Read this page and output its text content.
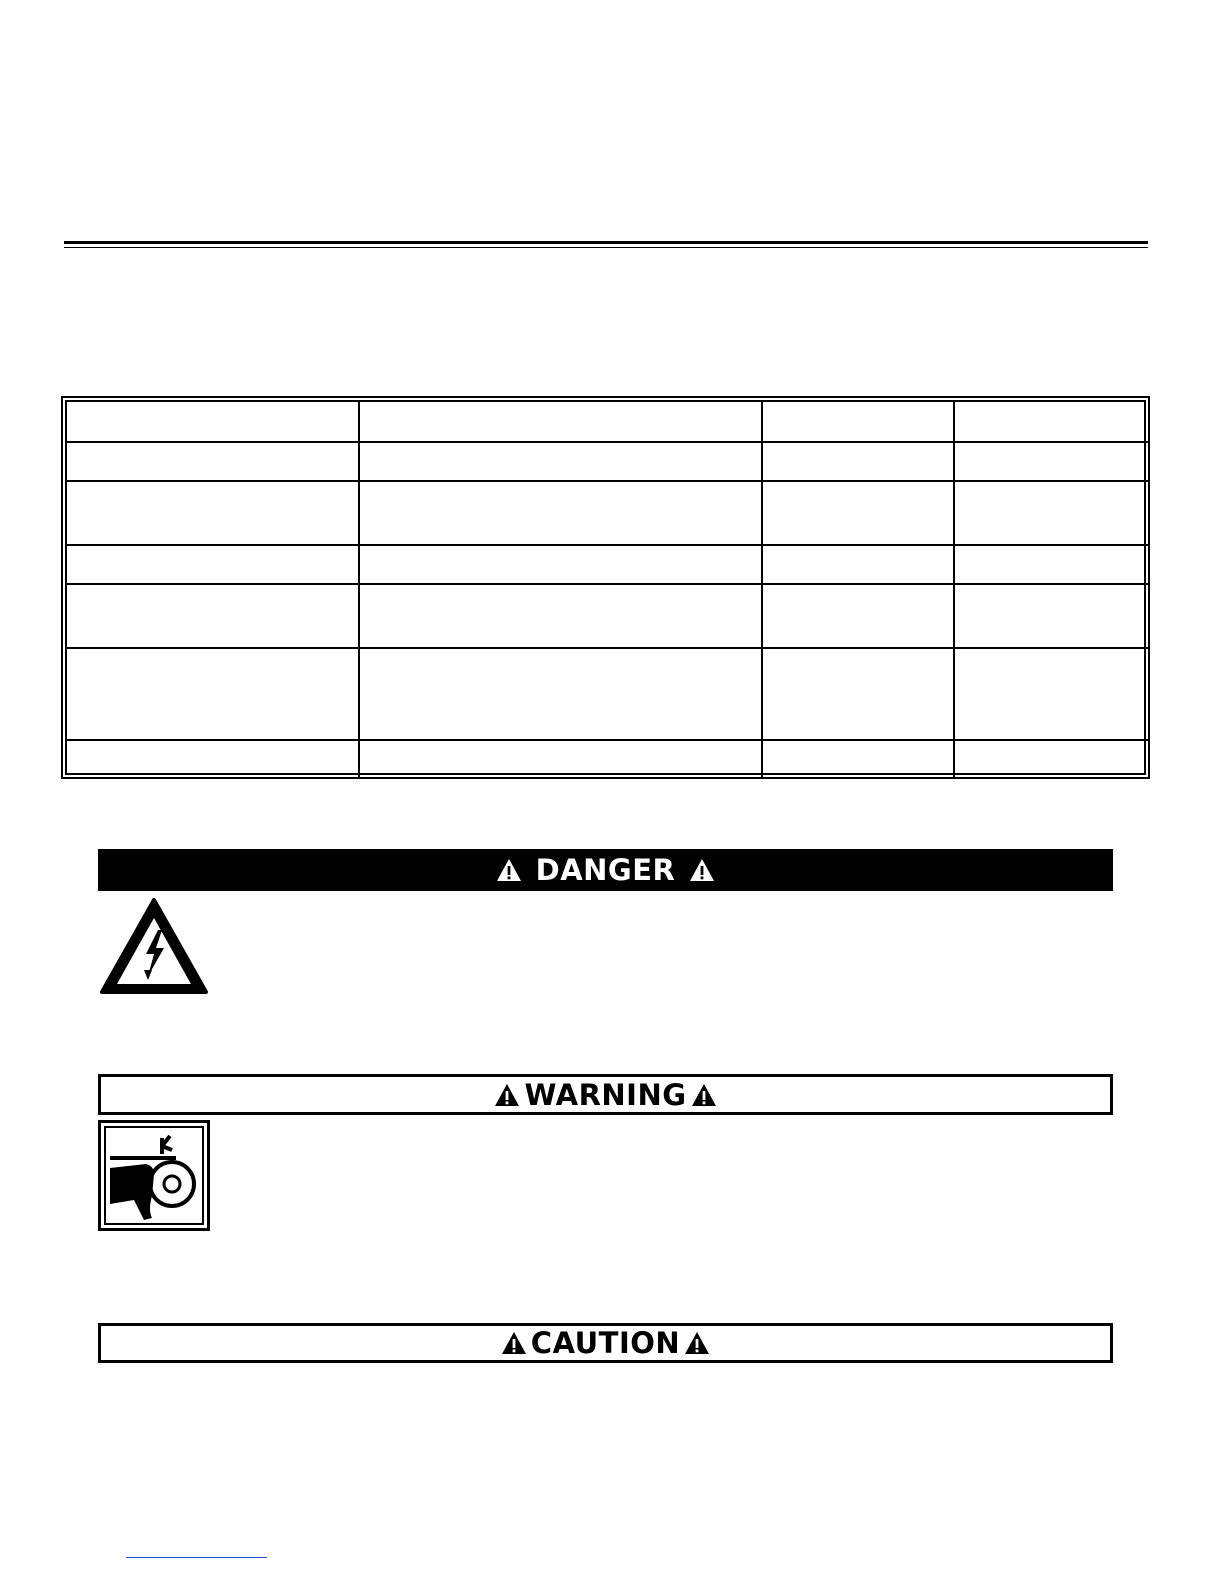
DANGER
WARNING
CAUTION
